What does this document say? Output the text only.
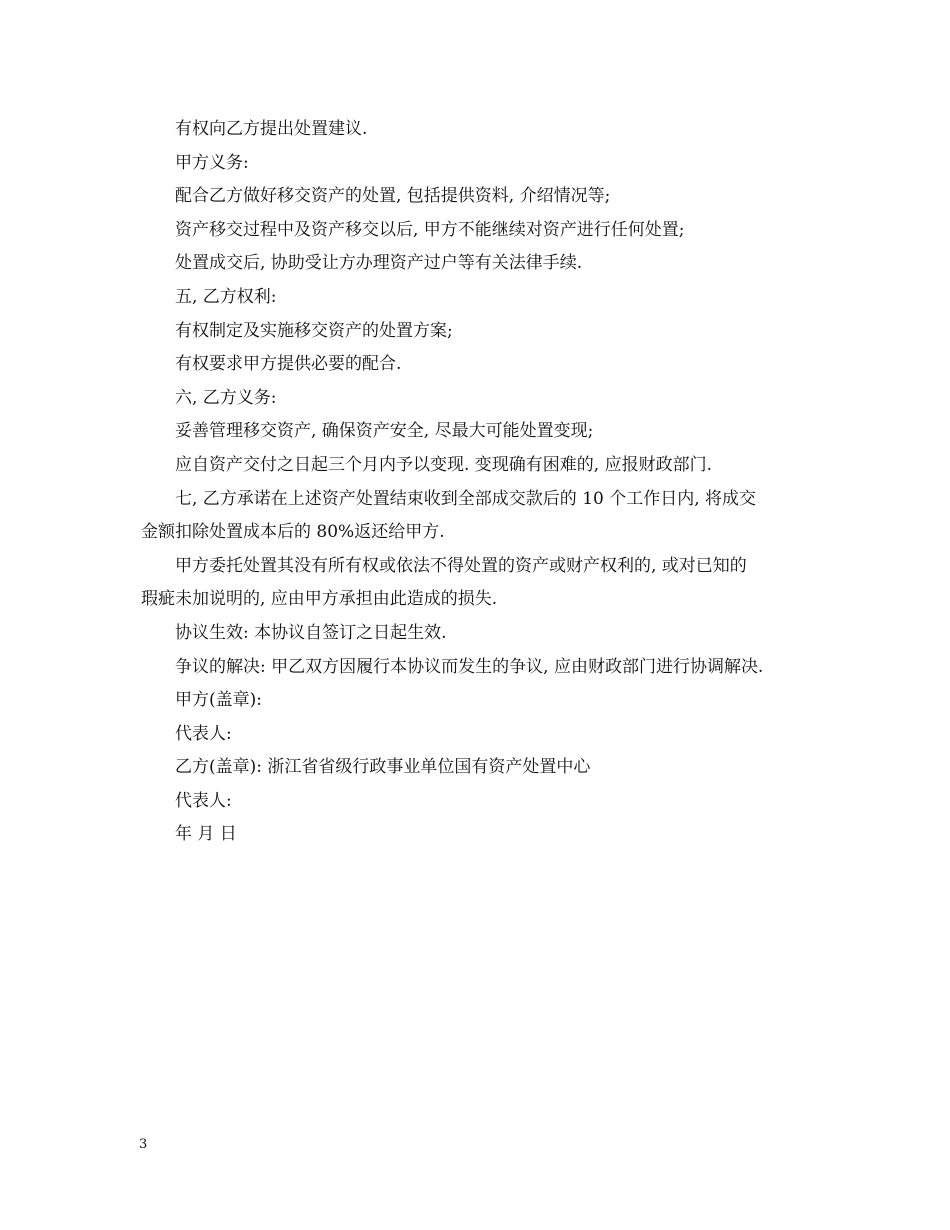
有权向乙方提出处置建议.
甲方义务:
配合乙方做好移交资产的处置, 包括提供资料, 介绍情况等;
资产移交过程中及资产移交以后, 甲方不能继续对资产进行任何处置;
处置成交后, 协助受让方办理资产过户等有关法律手续.
五, 乙方权利:
有权制定及实施移交资产的处置方案;
有权要求甲方提供必要的配合.
六, 乙方义务:
妥善管理移交资产, 确保资产安全, 尽最大可能处置变现;
应自资产交付之日起三个月内予以变现. 变现确有困难的, 应报财政部门.
七, 乙方承诺在上述资产处置结束收到全部成交款后的 10 个工作日内, 将成交
金额扣除处置成本后的 80%返还给甲方.
甲方委托处置其没有所有权或依法不得处置的资产或财产权利的, 或对已知的
瑕疵未加说明的, 应由甲方承担由此造成的损失.
协议生效: 本协议自签订之日起生效.
争议的解决: 甲乙双方因履行本协议而发生的争议, 应由财政部门进行协调解决.
甲方(盖章):
代表人:
乙方(盖章): 浙江省省级行政事业单位国有资产处置中心
代表人:
年 月 日
3
